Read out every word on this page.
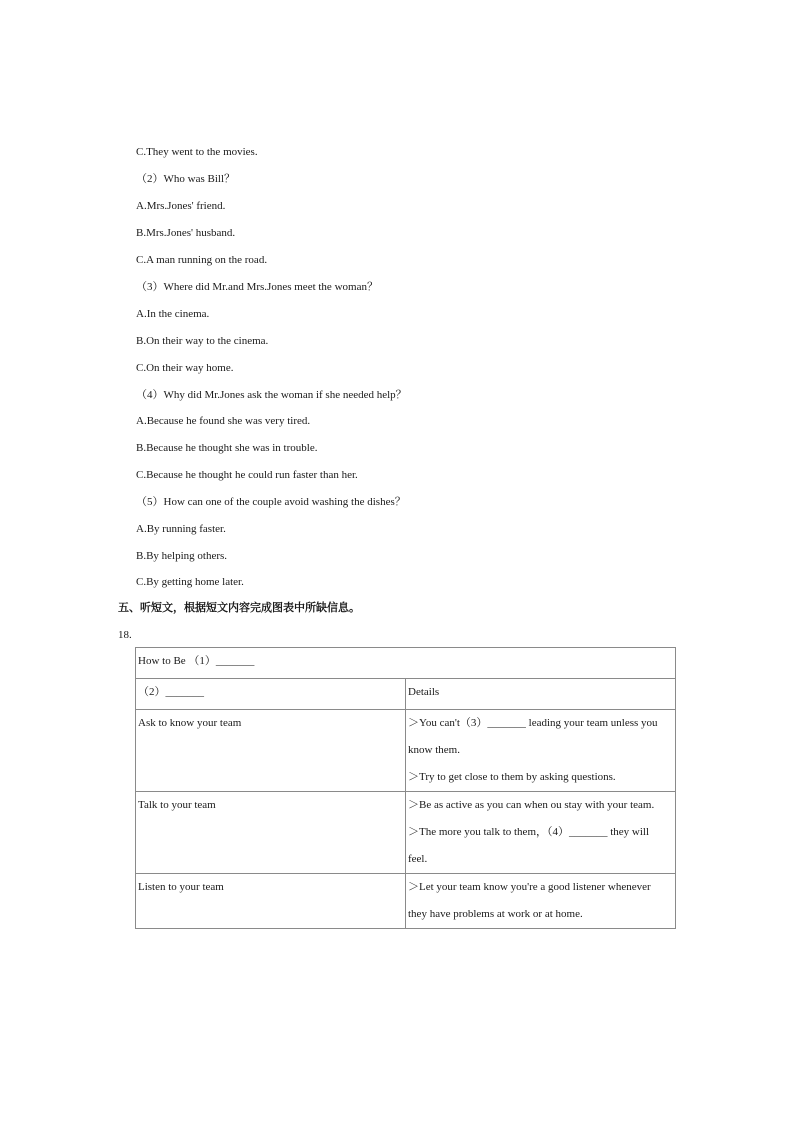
C.They went to the movies.
（2）Who was Bill？
A.Mrs.Jones' friend.
B.Mrs.Jones' husband.
C.A man running on the road.
（3）Where did Mr.and Mrs.Jones meet the woman？
A.In the cinema.
B.On their way to the cinema.
C.On their way home.
（4）Why did Mr.Jones ask the woman if she needed help？
A.Because he found she was very tired.
B.Because he thought she was in trouble.
C.Because he thought he could run faster than her.
（5）How can one of the couple avoid washing the dishes？
A.By running faster.
B.By helping others.
C.By getting home later.
五、听短文，根据短文内容完成图表中所缺信息。
18.
How to Be （1）_______	
（2）_______	Details
Ask to know your team	＞You can't（3）_______ leading your team unless you
know them.
＞Try to get close to them by asking questions.

Talk to your team	＞Be as active as you can when ou stay with your team.
＞The more you talk to them，（4）_______ they will
feel.

Listen to your team	＞Let your team know you're a good listener whenever
they have problems at work or at home.
